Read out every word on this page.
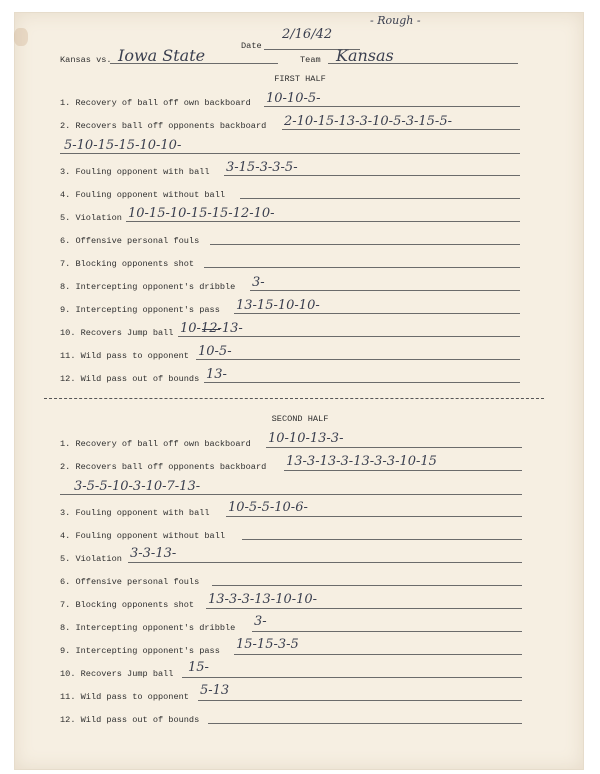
- Rough -
2/16/42
Date
Kansas vs. Iowa State	Team Kansas
FIRST HALF
1. Recovery of ball off own backboard 10-10-5-
2. Recovers ball off opponents backboard 2-10-15-13-3-10-5-3-15-5-
5-10-15-15-10-10-
3. Fouling opponent with ball 3-15-3-3-5-
4. Fouling opponent without ball
5. Violation 10-15-10-15-15-12-10-
6. Offensive personal fouls
7. Blocking opponents shot
8. Intercepting opponent's dribble 3-
9. Intercepting opponent's pass 13-15-10-10-
10. Recovers Jump ball 10-12-13-
11. Wild pass to opponent 10-5-
12. Wild pass out of bounds 13-
SECOND HALF
1. Recovery of ball off own backboard 10-10-13-3-
2. Recovers ball off opponents backboard 13-3-13-3-13-3-3-10-15
3-5-5-10-3-10-7-13-
3. Fouling opponent with ball 10-5-5-10-6-
4. Fouling opponent without ball
5. Violation 3-3-13-
6. Offensive personal fouls
7. Blocking opponents shot 13-3-3-13-10-10-
8. Intercepting opponent's dribble 3-
9. Intercepting opponent's pass 15-15-3-5
10. Recovers Jump ball 15-
11. Wild pass to opponent 5-13
12. Wild pass out of bounds
